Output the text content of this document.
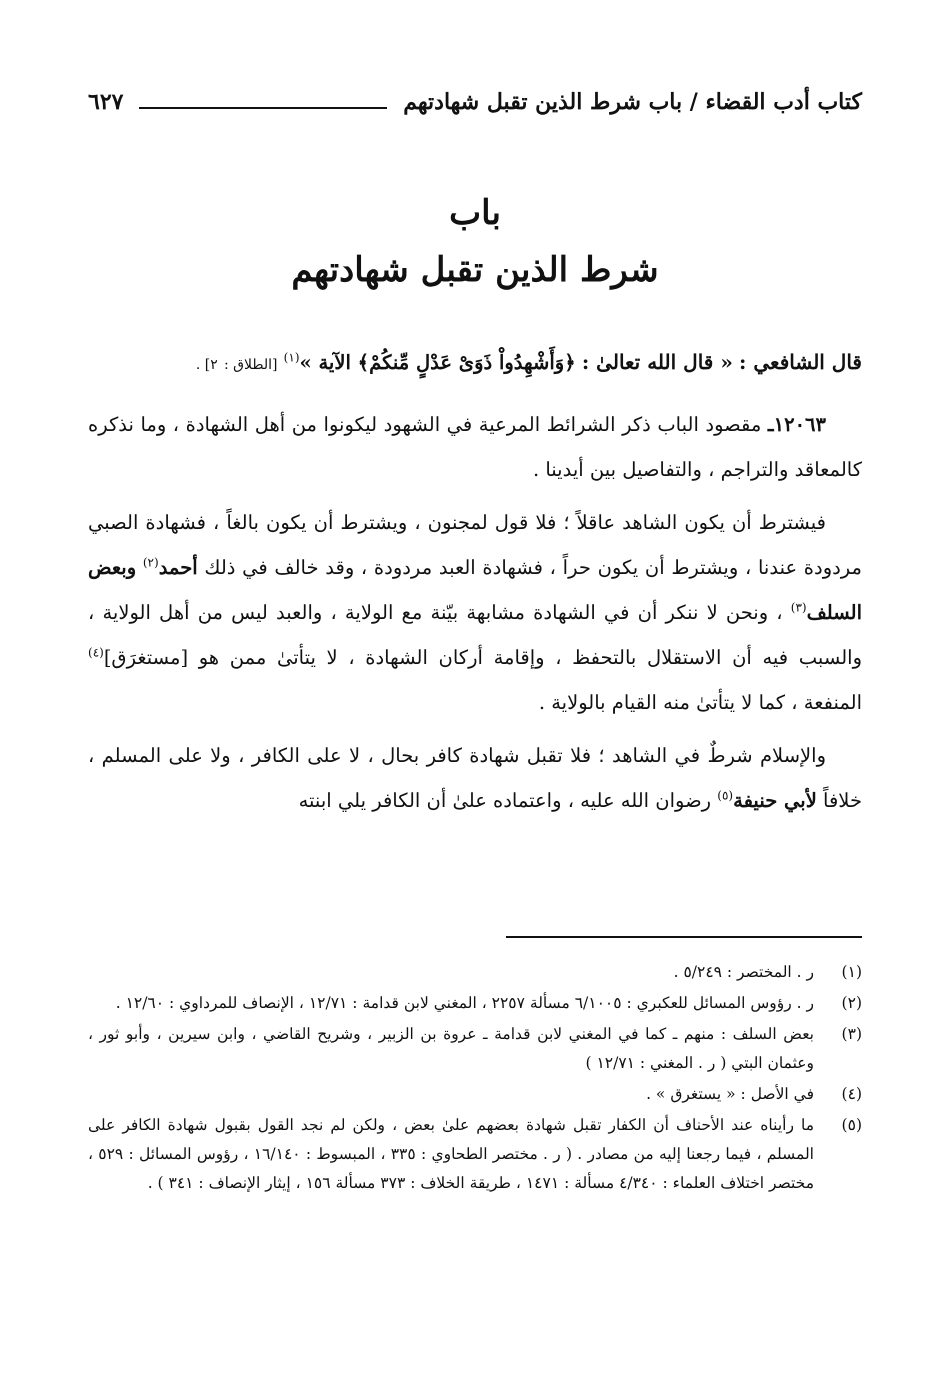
كتاب أدب القضاء / باب شرط الذين تقبل شهادتهم
٦٢٧
باب
شرط الذين تقبل شهادتهم

قال الشافعي : « قال الله تعالىٰ : ﴿وَأَشْهِدُواْ ذَوَىْ عَدْلٍ مِّنكُمْ﴾ الآية »$^{(١)}$ [الطلاق : ٢] .

١٢٠٦٣ـ مقصود الباب ذكر الشرائط المرعية في الشهود ليكونوا من أهل الشهادة ، وما نذكره كالمعاقد والتراجم ، والتفاصيل بين أيدينا .

فيشترط أن يكون الشاهد عاقلاً ؛ فلا قول لمجنون ، ويشترط أن يكون بالغاً ، فشهادة الصبي مردودة عندنا ، ويشترط أن يكون حراً ، فشهادة العبد مردودة ، وقد خالف في ذلك أحمد$^{(٢)}$ وبعض السلف$^{(٣)}$ ، ونحن لا ننكر أن في الشهادة مشابهة بيّنة مع الولاية ، والعبد ليس من أهل الولاية ، والسبب فيه أن الاستقلال بالتحفظ ، وإقامة أركان الشهادة ، لا يتأتىٰ ممن هو [مستغرَق]$^{(٤)}$ المنفعة ، كما لا يتأتىٰ منه القيام بالولاية .

والإسلام شرطٌ في الشاهد ؛ فلا تقبل شهادة كافر بحال ، لا على الكافر ، ولا على المسلم ، خلافاً لأبي حنيفة$^{(٥)}$ رضوان الله عليه ، واعتماده علىٰ أن الكافر يلي ابنته

(١)
ر . المختصر : ٥/٢٤٩ .
(٢)
ر . رؤوس المسائل للعكبري : ٦/١٠٠٥ مسألة ٢٢٥٧ ، المغني لابن قدامة : ١٢/٧١ ، الإنصاف للمرداوي : ١٢/٦٠ .
(٣)
بعض السلف : منهم ـ كما في المغني لابن قدامة ـ عروة بن الزبير ، وشريح القاضي ، وابن سيرين ، وأبو ثور ، وعثمان البتي ( ر . المغني : ١٢/٧١ )
(٤)
في الأصل : « يستغرق » .
(٥)
ما رأيناه عند الأحناف أن الكفار تقبل شهادة بعضهم علىٰ بعض ، ولكن لم نجد القول بقبول شهادة الكافر على المسلم ، فيما رجعنا إليه من مصادر . ( ر . مختصر الطحاوي : ٣٣٥ ، المبسوط : ١٦/١٤٠ ، رؤوس المسائل : ٥٢٩ ، مختصر اختلاف العلماء : ٤/٣٤٠ مسألة : ١٤٧١ ، طريقة الخلاف : ٣٧٣ مسألة ١٥٦ ، إيثار الإنصاف : ٣٤١ ) .
